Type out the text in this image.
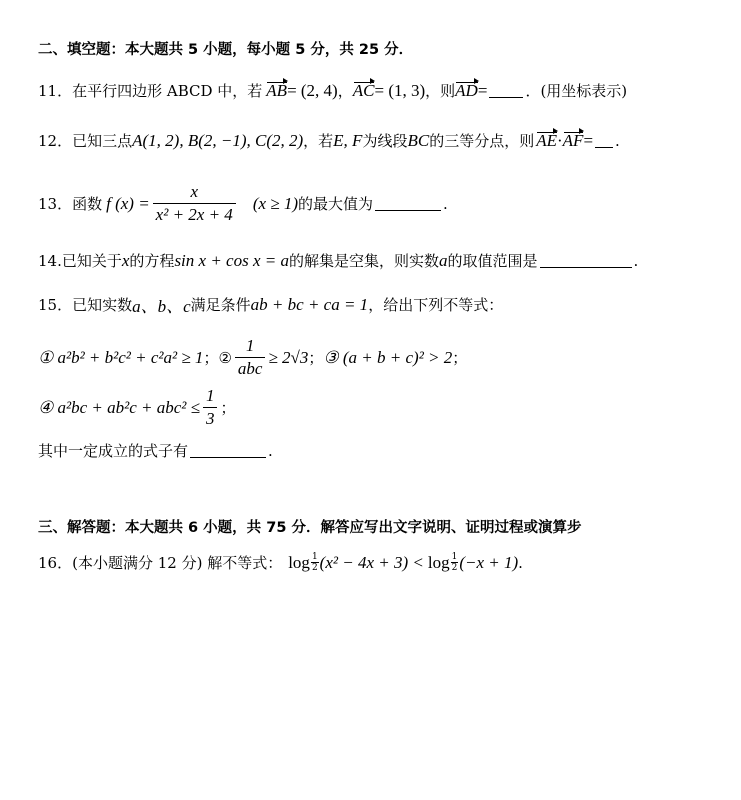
二、填空题：本大题共 5 小题，每小题 5 分，共 25 分．
11． 在平行四边形 ABCD 中，若 AB = (2, 4) ， AC = (1, 3) ，则 AD =	．(用坐标表示)
12． 已知三点 A(1, 2), B(2, −1), C(2, 2) ，若 E, F 为线段 BC 的三等分点，则 AE · AF = .
13． 函数 f $(x) = \frac{x}{\text{x² + 2x + 4}} (x \ge 1)$ 的最大值为	.
14. 已知关于 x 的方程 sin x + cos x = a 的解集是空集，则实数 a 的取值范围是	.
15． 已知实数 a、b、c 满足条件 ab + bc + ca = 1 ，给出下列不等式：
① a²b² + b²c² + c²a² ≥ 1 ； ② $\frac{1}{\text{abc}} \ge 2√3$ ； ③ (a + b + c)² > 2 ；
④ $a^2bc + ab^2c + abc^2 \le \frac{1}{3}$ ；
其中一定成立的式子有	.
三、解答题：本大题共 6 小题，共 75 分．解答应写出文字说明、证明过程或演算步
16． (本小题满分 12 分) 解不等式： $\log \frac{1}{2} (x^2 - 4x + 3) < \log \frac{1}{2} (-x + 1)$ .
